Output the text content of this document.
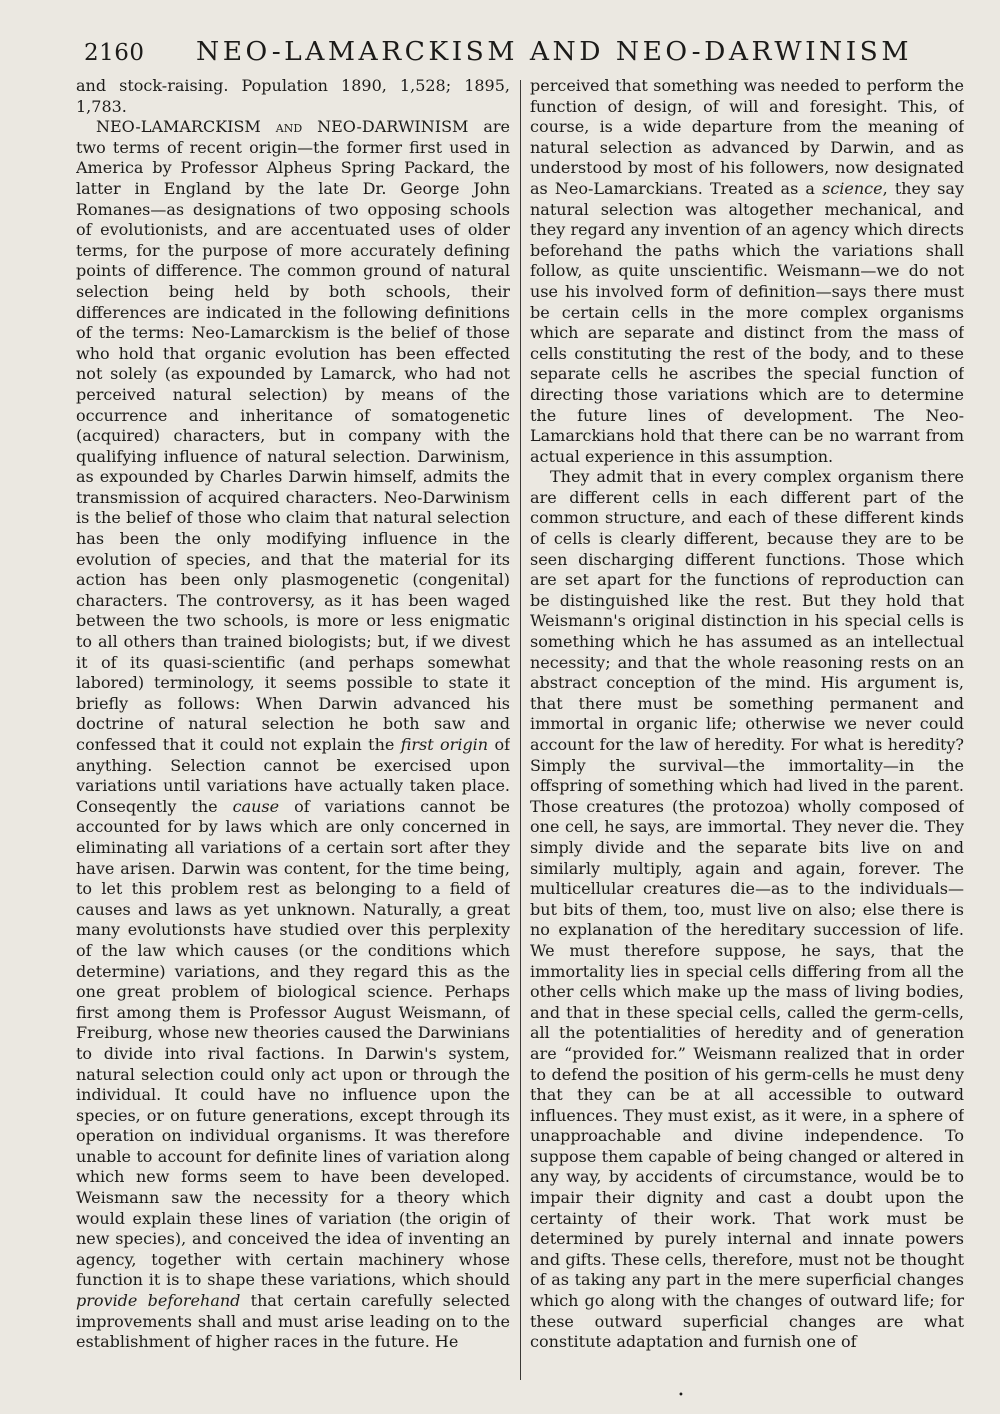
2160 NEO-LAMARCKISM AND NEO-DARWINISM

and stock-raising. Population 1890, 1,528; 1895, 1,783.

NEO-LAMARCKISM and NEO-DARWINISM are two terms of recent origin—the former first used in America by Professor Alpheus Spring Packard, the latter in England by the late Dr. George John Romanes—as designations of two opposing schools of evolutionists, and are accentuated uses of older terms, for the purpose of more accurately defining points of difference. The common ground of natural selection being held by both schools, their differences are indicated in the following definitions of the terms: Neo-Lamarckism is the belief of those who hold that organic evolution has been effected not solely (as expounded by Lamarck, who had not perceived natural selection) by means of the occurrence and inheritance of somatogenetic (acquired) characters, but in company with the qualifying influence of natural selection. Darwinism, as expounded by Charles Darwin himself, admits the transmission of acquired characters. Neo-Darwinism is the belief of those who claim that natural selection has been the only modifying influence in the evolution of species, and that the material for its action has been only plasmogenetic (congenital) characters. The controversy, as it has been waged between the two schools, is more or less enigmatic to all others than trained biologists; but, if we divest it of its quasi-scientific (and perhaps somewhat labored) terminology, it seems possible to state it briefly as follows: When Darwin advanced his doctrine of natural selection he both saw and confessed that it could not explain the first origin of anything. Selection cannot be exercised upon variations until variations have actually taken place. Conseqently the cause of variations cannot be accounted for by laws which are only concerned in eliminating all variations of a certain sort after they have arisen. Darwin was content, for the time being, to let this problem rest as belonging to a field of causes and laws as yet unknown. Naturally, a great many evolutionsts have studied over this perplexity of the law which causes (or the conditions which determine) variations, and they regard this as the one great problem of biological science. Perhaps first among them is Professor August Weismann, of Freiburg, whose new theories caused the Darwinians to divide into rival factions. In Darwin's system, natural selection could only act upon or through the individual. It could have no influence upon the species, or on future generations, except through its operation on individual organisms. It was therefore unable to account for definite lines of variation along which new forms seem to have been developed. Weismann saw the necessity for a theory which would explain these lines of variation (the origin of new species), and conceived the idea of inventing an agency, together with certain machinery whose function it is to shape these variations, which should provide beforehand that certain carefully selected improvements shall and must arise leading on to the establishment of higher races in the future. He

perceived that something was needed to perform the function of design, of will and foresight. This, of course, is a wide departure from the meaning of natural selection as advanced by Darwin, and as understood by most of his followers, now designated as Neo-Lamarckians. Treated as a science, they say natural selection was altogether mechanical, and they regard any invention of an agency which directs beforehand the paths which the variations shall follow, as quite unscientific. Weismann—we do not use his involved form of definition—says there must be certain cells in the more complex organisms which are separate and distinct from the mass of cells constituting the rest of the body, and to these separate cells he ascribes the special function of directing those variations which are to determine the future lines of development. The Neo-Lamarckians hold that there can be no warrant from actual experience in this assumption.

They admit that in every complex organism there are different cells in each different part of the common structure, and each of these different kinds of cells is clearly different, because they are to be seen discharging different functions. Those which are set apart for the functions of reproduction can be distinguished like the rest. But they hold that Weismann's original distinction in his special cells is something which he has assumed as an intellectual necessity; and that the whole reasoning rests on an abstract conception of the mind. His argument is, that there must be something permanent and immortal in organic life; otherwise we never could account for the law of heredity. For what is heredity? Simply the survival—the immortality—in the offspring of something which had lived in the parent. Those creatures (the protozoa) wholly composed of one cell, he says, are immortal. They never die. They simply divide and the separate bits live on and similarly multiply, again and again, forever. The multicellular creatures die—as to the individuals—but bits of them, too, must live on also; else there is no explanation of the hereditary succession of life. We must therefore suppose, he says, that the immortality lies in special cells differing from all the other cells which make up the mass of living bodies, and that in these special cells, called the germ-cells, all the potentialities of heredity and of generation are “provided for.” Weismann realized that in order to defend the position of his germ-cells he must deny that they can be at all accessible to outward influences. They must exist, as it were, in a sphere of unapproachable and divine independence. To suppose them capable of being changed or altered in any way, by accidents of circumstance, would be to impair their dignity and cast a doubt upon the certainty of their work. That work must be determined by purely internal and innate powers and gifts. These cells, therefore, must not be thought of as taking any part in the mere superficial changes which go along with the changes of outward life; for these outward superficial changes are what constitute adaptation and furnish one of

•
